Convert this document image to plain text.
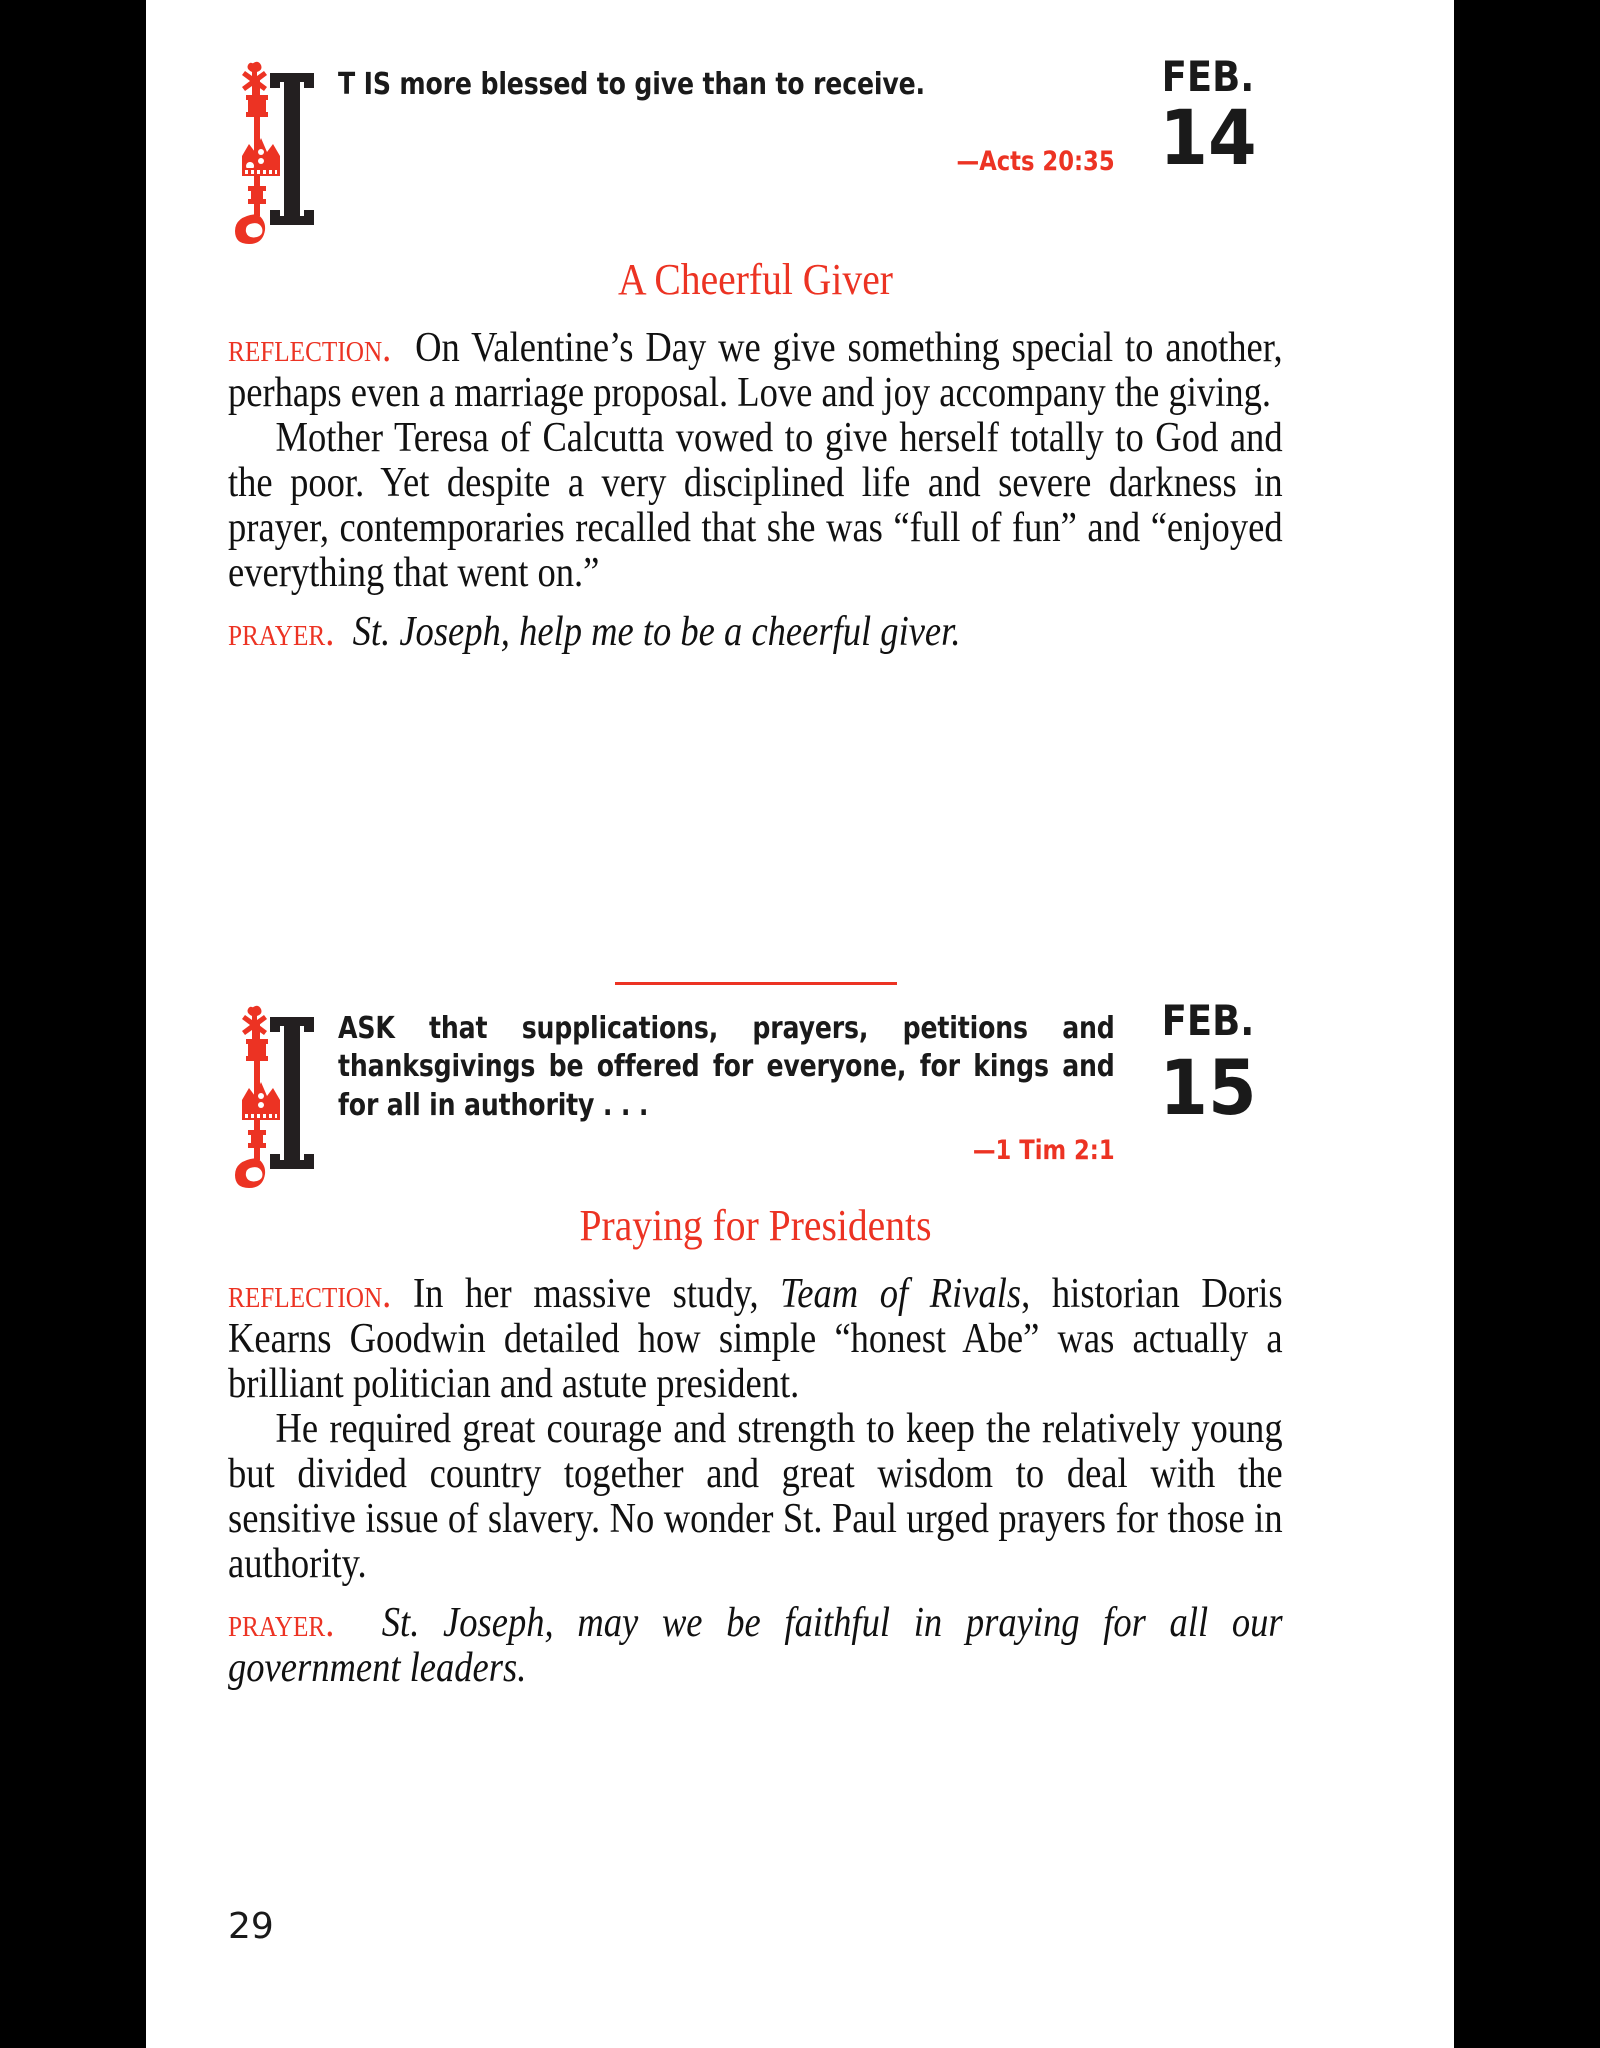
T IS more blessed to give than to receive.
—Acts 20:35
FEB.
14
A Cheerful Giver

reflection. On Valentine’s Day we give something special to another, perhaps even a marriage proposal. Love and joy accompany the giving.

Mother Teresa of Calcutta vowed to give herself totally to God and the poor. Yet despite a very disciplined life and severe darkness in prayer, contemporaries recalled that she was “full of fun” and “enjoyed everything that went on.”

prayer. St. Joseph, help me to be a cheerful giver.

ASK that supplications, prayers, petitions and thanksgivings be offered for everyone, for kings and for all in authority . . .
—1 Tim 2:1
FEB.
15
Praying for Presidents

reflection. In her massive study, Team of Rivals, historian Doris Kearns Goodwin detailed how simple “honest Abe” was actually a brilliant politician and astute president.

He required great courage and strength to keep the relatively young but divided country together and great wisdom to deal with the sensitive issue of slavery. No wonder St. Paul urged prayers for those in authority.

prayer. St. Joseph, may we be faithful in praying for all our government leaders.

29
